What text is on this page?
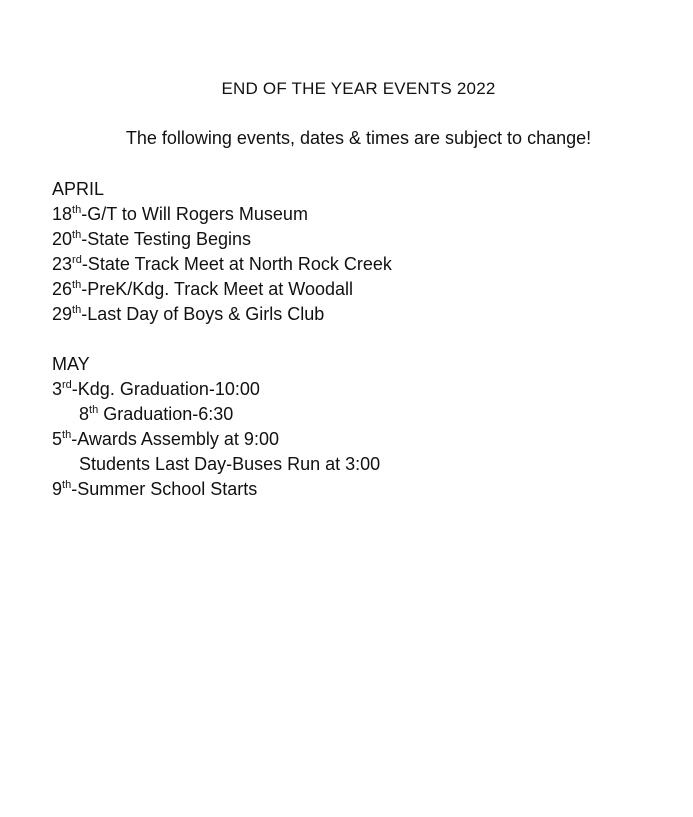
END OF THE YEAR EVENTS 2022
The following events, dates & times are subject to change!
APRIL
18th-G/T to Will Rogers Museum
20th-State Testing Begins
23rd-State Track Meet at North Rock Creek
26th-PreK/Kdg. Track Meet at Woodall
29th-Last Day of Boys & Girls Club
MAY
3rd-Kdg. Graduation-10:00
8th Graduation-6:30
5th-Awards Assembly at 9:00
Students Last Day-Buses Run at 3:00
9th-Summer School Starts
